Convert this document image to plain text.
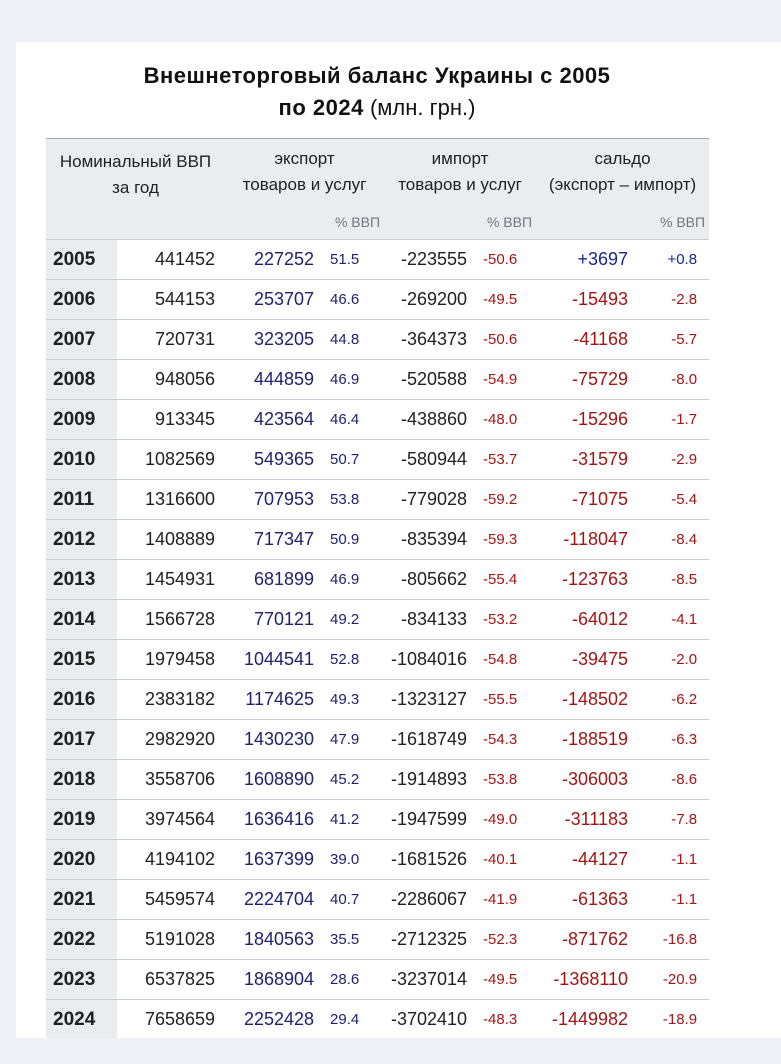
Внешнеторговый баланс Украины с 2005
по 2024 (млн. грн.)
Номинальный ВВП
за год		экспорт
товаров и услуг		импорт
товаров и услуг		сальдо
(экспорт – импорт)	
		% ВВП		% ВВП		% ВВП	
2005	441452	227252	51.5	-223555	-50.6	+3697	+0.8
2006	544153	253707	46.6	-269200	-49.5	-15493	-2.8
2007	720731	323205	44.8	-364373	-50.6	-41168	-5.7
2008	948056	444859	46.9	-520588	-54.9	-75729	-8.0
2009	913345	423564	46.4	-438860	-48.0	-15296	-1.7
2010	1082569	549365	50.7	-580944	-53.7	-31579	-2.9
2011	1316600	707953	53.8	-779028	-59.2	-71075	-5.4
2012	1408889	717347	50.9	-835394	-59.3	-118047	-8.4
2013	1454931	681899	46.9	-805662	-55.4	-123763	-8.5
2014	1566728	770121	49.2	-834133	-53.2	-64012	-4.1
2015	1979458	1044541	52.8	-1084016	-54.8	-39475	-2.0
2016	2383182	1174625	49.3	-1323127	-55.5	-148502	-6.2
2017	2982920	1430230	47.9	-1618749	-54.3	-188519	-6.3
2018	3558706	1608890	45.2	-1914893	-53.8	-306003	-8.6
2019	3974564	1636416	41.2	-1947599	-49.0	-311183	-7.8
2020	4194102	1637399	39.0	-1681526	-40.1	-44127	-1.1
2021	5459574	2224704	40.7	-2286067	-41.9	-61363	-1.1
2022	5191028	1840563	35.5	-2712325	-52.3	-871762	-16.8
2023	6537825	1868904	28.6	-3237014	-49.5	-1368110	-20.9
2024	7658659	2252428	29.4	-3702410	-48.3	-1449982	-18.9
